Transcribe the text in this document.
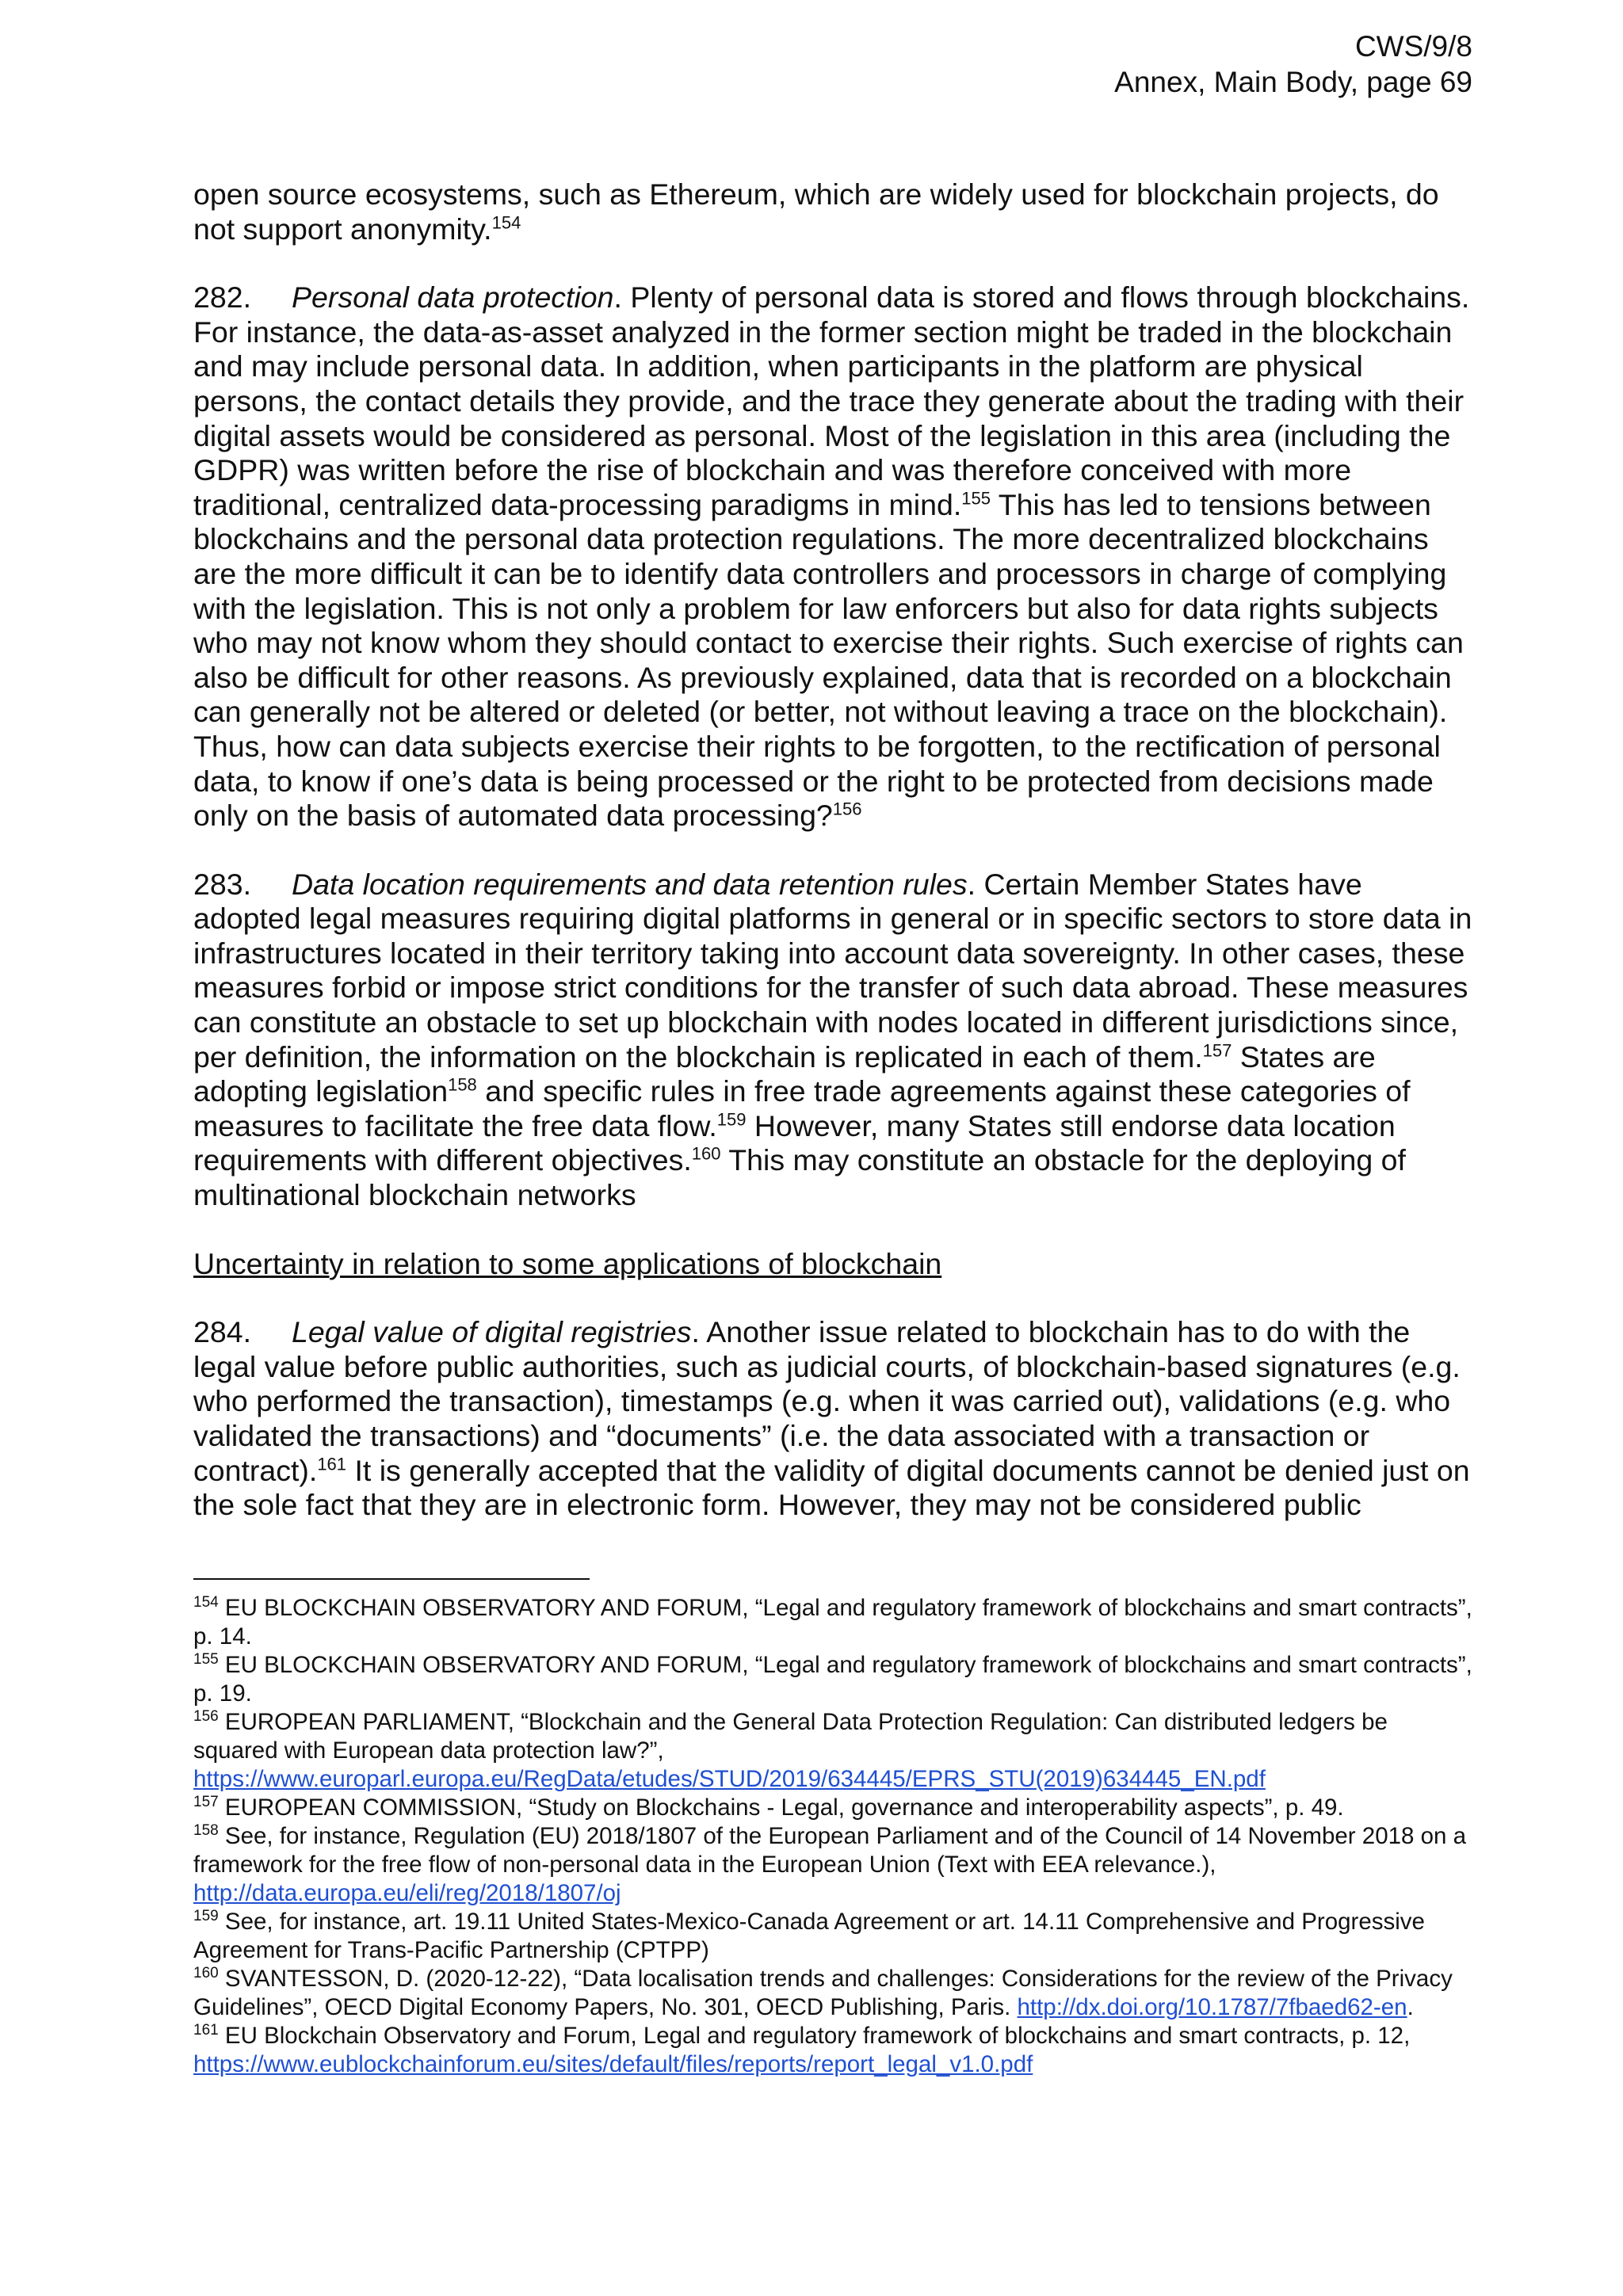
CWS/9/8
Annex, Main Body, page 69

open source ecosystems, such as Ethereum, which are widely used for blockchain projects, do not support anonymity.$^{154}$

282. Personal data protection. Plenty of personal data is stored and flows through blockchains. For instance, the data-as-asset analyzed in the former section might be traded in the blockchain and may include personal data. In addition, when participants in the platform are physical persons, the contact details they provide, and the trace they generate about the trading with their digital assets would be considered as personal. Most of the legislation in this area (including the GDPR) was written before the rise of blockchain and was therefore conceived with more traditional, centralized data-processing paradigms in mind.$^{155}$ This has led to tensions between blockchains and the personal data protection regulations. The more decentralized blockchains are the more difficult it can be to identify data controllers and processors in charge of complying with the legislation. This is not only a problem for law enforcers but also for data rights subjects who may not know whom they should contact to exercise their rights. Such exercise of rights can also be difficult for other reasons. As previously explained, data that is recorded on a blockchain can generally not be altered or deleted (or better, not without leaving a trace on the blockchain). Thus, how can data subjects exercise their rights to be forgotten, to the rectification of personal data, to know if one’s data is being processed or the right to be protected from decisions made only on the basis of automated data processing?$^{156}$

283. Data location requirements and data retention rules. Certain Member States have adopted legal measures requiring digital platforms in general or in specific sectors to store data in infrastructures located in their territory taking into account data sovereignty. In other cases, these measures forbid or impose strict conditions for the transfer of such data abroad. These measures can constitute an obstacle to set up blockchain with nodes located in different jurisdictions since, per definition, the information on the blockchain is replicated in each of them.$^{157}$ States are adopting legislation$^{158}$ and specific rules in free trade agreements against these categories of measures to facilitate the free data flow.$^{159}$ However, many States still endorse data location requirements with different objectives.$^{160}$ This may constitute an obstacle for the deploying of multinational blockchain networks

Uncertainty in relation to some applications of blockchain

284. Legal value of digital registries. Another issue related to blockchain has to do with the legal value before public authorities, such as judicial courts, of blockchain-based signatures (e.g. who performed the transaction), timestamps (e.g. when it was carried out), validations (e.g. who validated the transactions) and “documents” (i.e. the data associated with a transaction or contract).$^{161}$ It is generally accepted that the validity of digital documents cannot be denied just on the sole fact that they are in electronic form. However, they may not be considered public

$^{154}$ EU BLOCKCHAIN OBSERVATORY AND FORUM, “Legal and regulatory framework of blockchains and smart contracts”, p. 14.

$^{155}$ EU BLOCKCHAIN OBSERVATORY AND FORUM, “Legal and regulatory framework of blockchains and smart contracts”, p. 19.

$^{156}$ EUROPEAN PARLIAMENT, “Blockchain and the General Data Protection Regulation: Can distributed ledgers be squared with European data protection law?”, https://www.europarl.europa.eu/RegData/etudes/STUD/2019/634445/EPRS_STU(2019)634445_EN.pdf

$^{157}$ EUROPEAN COMMISSION, “Study on Blockchains - Legal, governance and interoperability aspects”, p. 49.

$^{158}$ See, for instance, Regulation (EU) 2018/1807 of the European Parliament and of the Council of 14 November 2018 on a framework for the free flow of non-personal data in the European Union (Text with EEA relevance.), http://data.europa.eu/eli/reg/2018/1807/oj

$^{159}$ See, for instance, art. 19.11 United States-Mexico-Canada Agreement or art. 14.11 Comprehensive and Progressive Agreement for Trans-Pacific Partnership (CPTPP)

$^{160}$ SVANTESSON, D. (2020-12-22), “Data localisation trends and challenges: Considerations for the review of the Privacy Guidelines”, OECD Digital Economy Papers, No. 301, OECD Publishing, Paris. http://dx.doi.org/10.1787/7fbaed62-en.

$^{161}$ EU Blockchain Observatory and Forum, Legal and regulatory framework of blockchains and smart contracts, p. 12, https://www.eublockchainforum.eu/sites/default/files/reports/report_legal_v1.0.pdf
